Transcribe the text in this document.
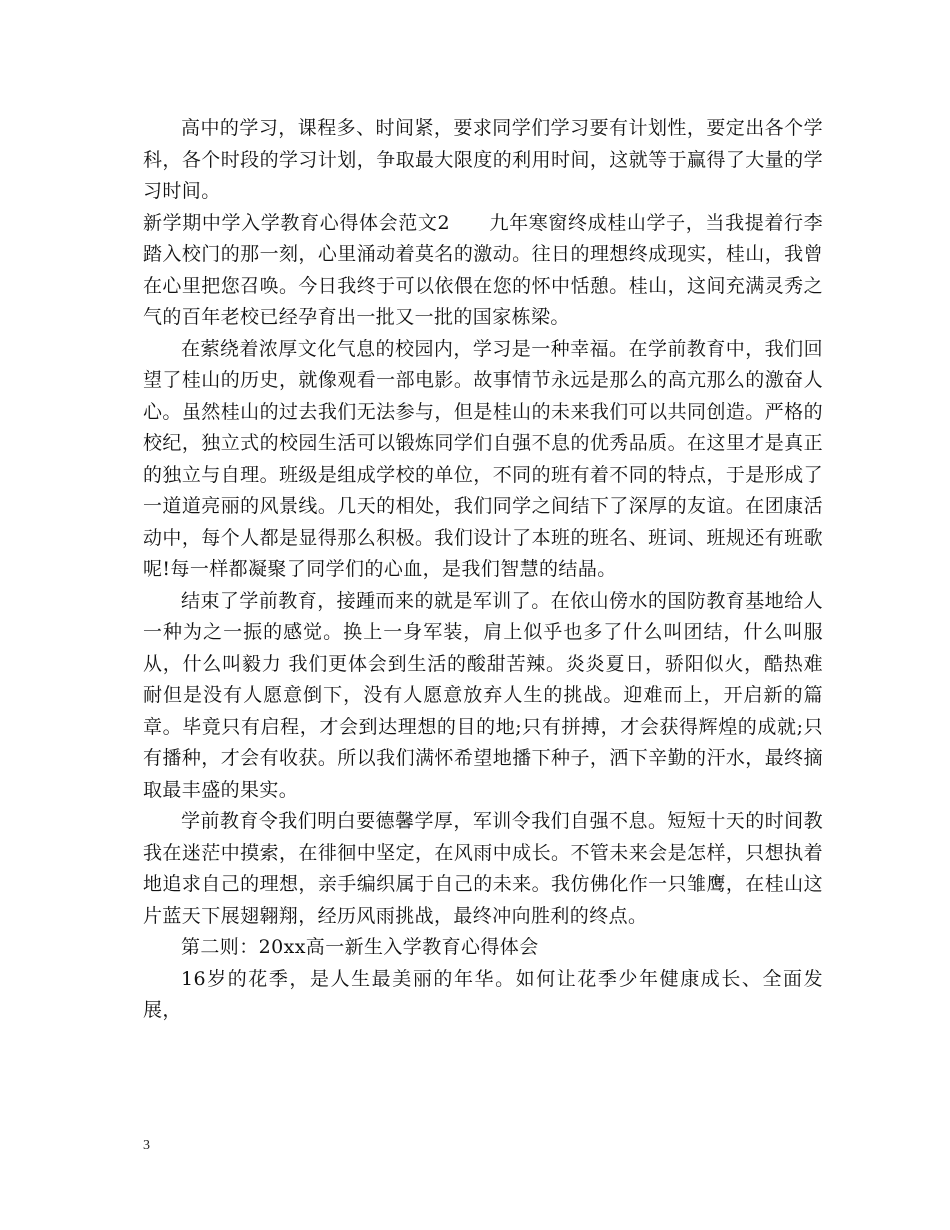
高中的学习，课程多、时间紧，要求同学们学习要有计划性，要定出各个学科，各个时段的学习计划，争取最大限度的利用时间，这就等于赢得了大量的学习时间。

新学期中学入学教育心得体会范文2　　九年寒窗终成桂山学子，当我提着行李踏入校门的那一刻，心里涌动着莫名的激动。往日的理想终成现实，桂山，我曾在心里把您召唤。今日我终于可以依偎在您的怀中恬憩。桂山，这间充满灵秀之气的百年老校已经孕育出一批又一批的国家栋梁。

在萦绕着浓厚文化气息的校园内，学习是一种幸福。在学前教育中，我们回望了桂山的历史，就像观看一部电影。故事情节永远是那么的高亢那么的激奋人心。虽然桂山的过去我们无法参与，但是桂山的未来我们可以共同创造。严格的校纪，独立式的校园生活可以锻炼同学们自强不息的优秀品质。在这里才是真正的独立与自理。班级是组成学校的单位，不同的班有着不同的特点，于是形成了一道道亮丽的风景线。几天的相处，我们同学之间结下了深厚的友谊。在团康活动中，每个人都是显得那么积极。我们设计了本班的班名、班词、班规还有班歌呢!每一样都凝聚了同学们的心血，是我们智慧的结晶。

结束了学前教育，接踵而来的就是军训了。在依山傍水的国防教育基地给人一种为之一振的感觉。换上一身军装，肩上似乎也多了什么叫团结，什么叫服从，什么叫毅力 我们更体会到生活的酸甜苦辣。炎炎夏日，骄阳似火，酷热难耐但是没有人愿意倒下，没有人愿意放弃人生的挑战。迎难而上，开启新的篇章。毕竟只有启程，才会到达理想的目的地;只有拼搏，才会获得辉煌的成就;只有播种，才会有收获。所以我们满怀希望地播下种子，洒下辛勤的汗水，最终摘取最丰盛的果实。

学前教育令我们明白要德馨学厚，军训令我们自强不息。短短十天的时间教我在迷茫中摸索，在徘徊中坚定，在风雨中成长。不管未来会是怎样，只想执着地追求自己的理想，亲手编织属于自己的未来。我仿佛化作一只雏鹰，在桂山这片蓝天下展翅翱翔，经历风雨挑战，最终冲向胜利的终点。

第二则：20xx高一新生入学教育心得体会

16岁的花季，是人生最美丽的年华。如何让花季少年健康成长、全面发展，

3
